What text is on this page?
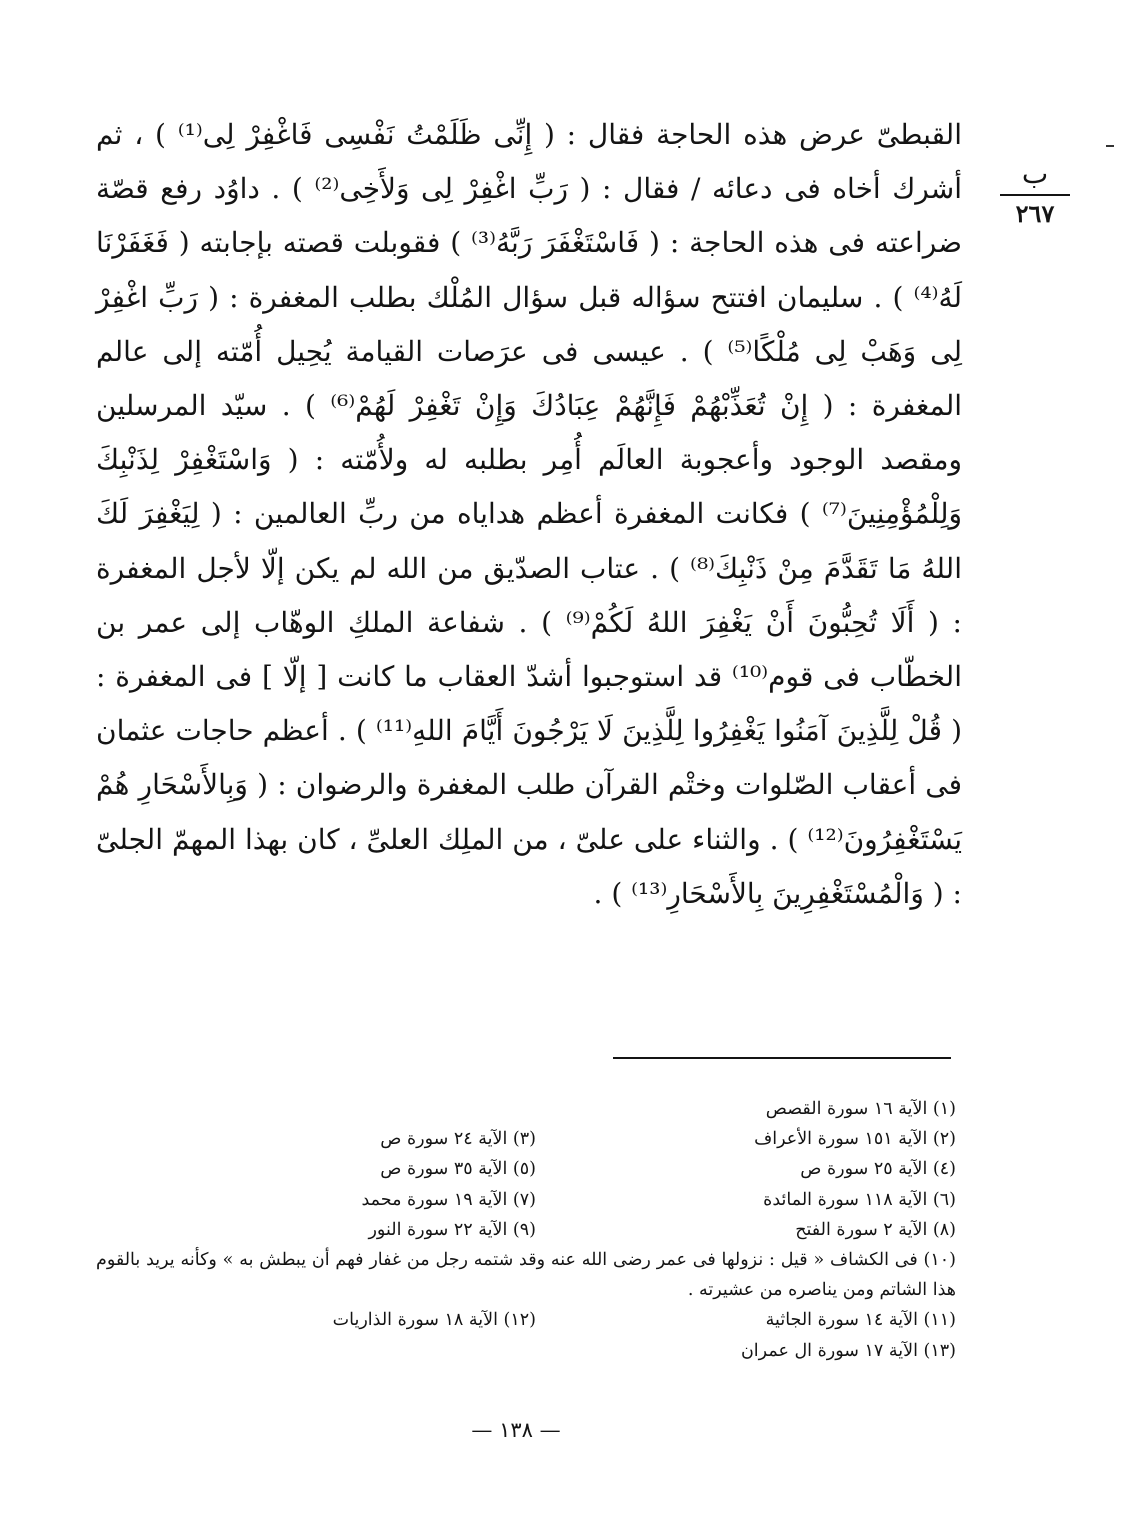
ب
٢٦٧

القبطىّ عرض هذه الحاجة فقال : ( إِنِّى ظَلَمْتُ نَفْسِى فَاغْفِرْ لِى⁽¹⁾ ) ، ثم أشرك أخاه فى دعائه / فقال : ( رَبِّ اغْفِرْ لِى وَلأَخِى⁽²⁾ ) . داوُد رفع قصّة ضراعته فى هذه الحاجة : ( فَاسْتَغْفَرَ رَبَّهُ⁽³⁾ ) فقوبلت قصته بإجابته ( فَغَفَرْنَا لَهُ⁽⁴⁾ ) . سليمان افتتح سؤاله قبل سؤال المُلْك بطلب المغفرة : ( رَبِّ اغْفِرْ لِى وَهَبْ لِى مُلْكًا⁽⁵⁾ ) . عيسى فى عرَصات القيامة يُحِيل أُمّته إلى عالم المغفرة : ( إِنْ تُعَذِّبْهُمْ فَإِنَّهُمْ عِبَادُكَ وَإِنْ تَغْفِرْ لَهُمْ⁽⁶⁾ ) . سيّد المرسلين ومقصد الوجود وأعجوبة العالَم أُمِر بطلبه له ولأُمّته : ( وَاسْتَغْفِرْ لِذَنْبِكَ وَلِلْمُؤْمِنِينَ⁽⁷⁾ ) فكانت المغفرة أعظم هداياه من ربِّ العالمين : ( لِيَغْفِرَ لَكَ اللهُ مَا تَقَدَّمَ مِنْ ذَنْبِكَ⁽⁸⁾ ) . عتاب الصدّيق من الله لم يكن إلّا لأجل المغفرة : ( أَلَا تُحِبُّونَ أَنْ يَغْفِرَ اللهُ لَكُمْ⁽⁹⁾ ) . شفاعة الملكِ الوهّاب إلى عمر بن الخطّاب فى قوم⁽¹⁰⁾ قد استوجبوا أشدّ العقاب ما كانت [ إلّا ] فى المغفرة : ( قُلْ لِلَّذِينَ آمَنُوا يَغْفِرُوا لِلَّذِينَ لَا يَرْجُونَ أَيَّامَ اللهِ⁽¹¹⁾ ) . أعظم حاجات عثمان فى أعقاب الصّلوات وختْم القرآن طلب المغفرة والرضوان : ( وَبِالأَسْحَارِ هُمْ يَسْتَغْفِرُونَ⁽¹²⁾ ) . والثناء على علىّ ، من الملِك العلىِّ ، كان بهذا المهمّ الجلىّ : ( وَالْمُسْتَغْفِرِينَ بِالأَسْحَارِ⁽¹³⁾ ) .

(١) الآية ١٦ سورة القصص
(٢) الآية ١٥١ سورة الأعراف
(٣) الآية ٢٤ سورة ص
(٤) الآية ٢٥ سورة ص
(٥) الآية ٣٥ سورة ص
(٦) الآية ١١٨ سورة المائدة
(٧) الآية ١٩ سورة محمد
(٨) الآية ٢ سورة الفتح
(٩) الآية ٢٢ سورة النور
(١٠) فى الكشاف « قيل : نزولها فى عمر رضى الله عنه وقد شتمه رجل من غفار فهم أن يبطش به » وكأنه يريد بالقوم هذا الشاتم ومن يناصره من عشيرته .
(١١) الآية ١٤ سورة الجاثية
(١٢) الآية ١٨ سورة الذاريات
(١٣) الآية ١٧ سورة ال عمران
— ١٣٨ —
